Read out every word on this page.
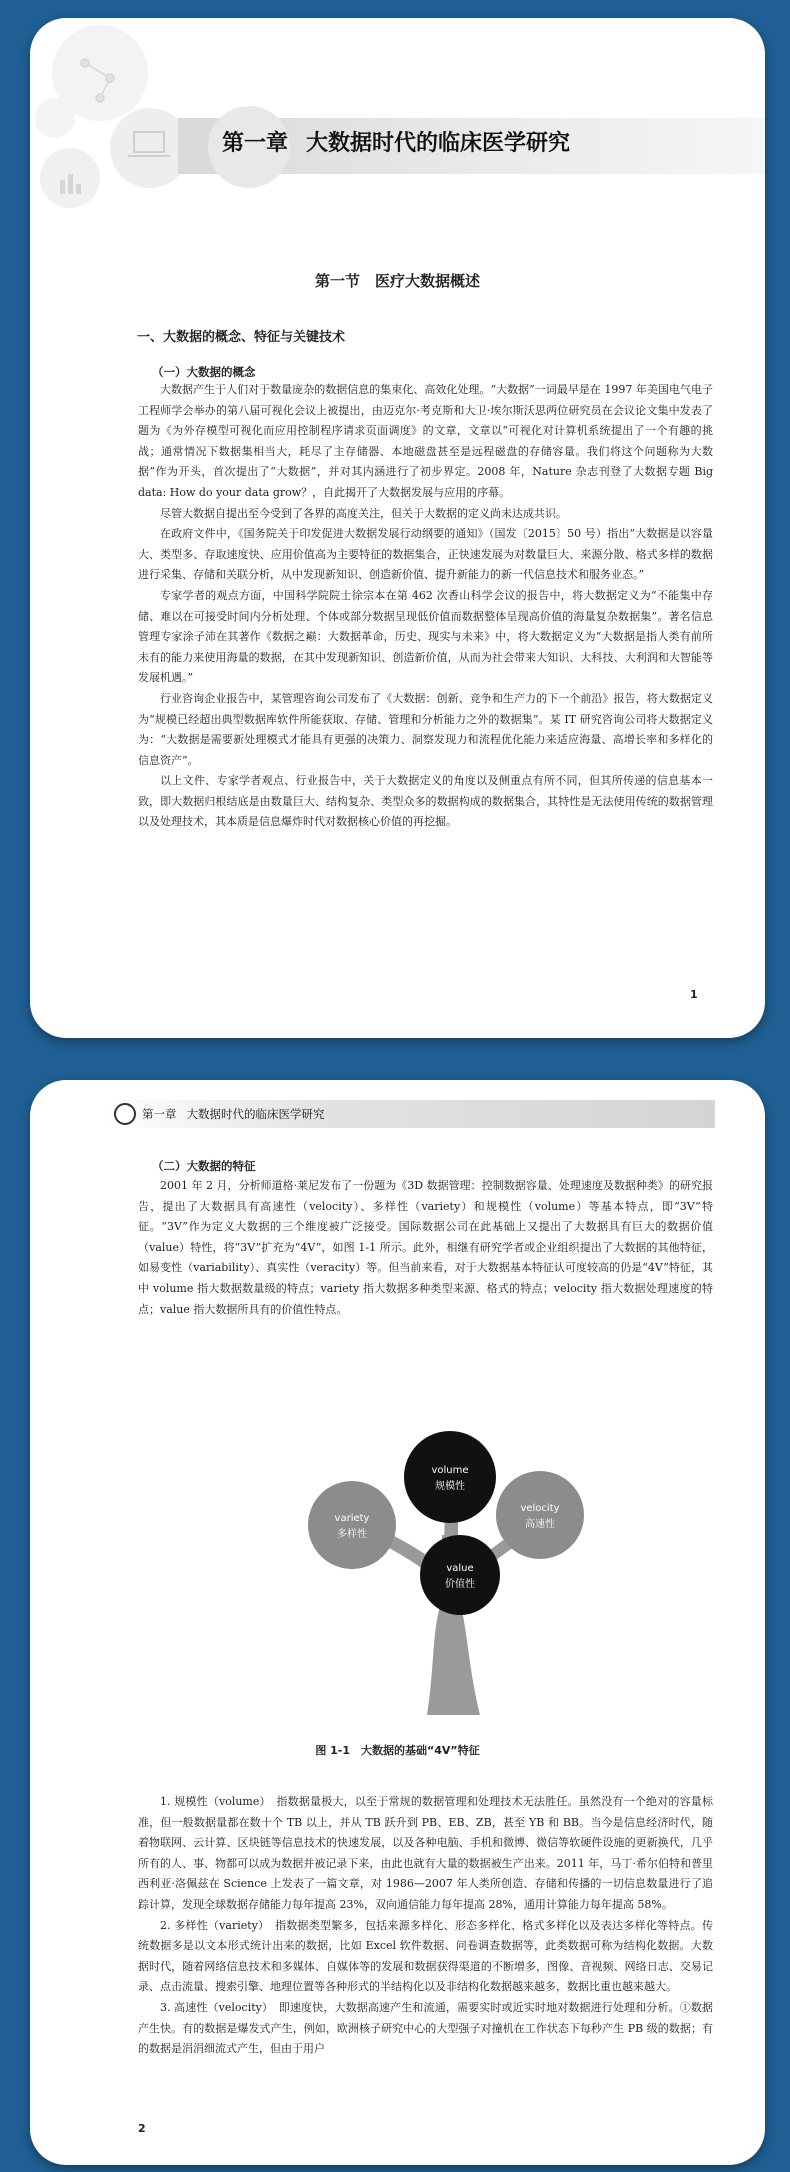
第一章 大数据时代的临床医学研究
第一节　医疗大数据概述
一、大数据的概念、特征与关键技术
（一）大数据的概念

大数据产生于人们对于数量庞杂的数据信息的集束化、高效化处理。“大数据”一词最早是在 1997 年美国电气电子工程师学会举办的第八届可视化会议上被提出，由迈克尔·考克斯和大卫·埃尔斯沃思两位研究员在会议论文集中发表了题为《为外存模型可视化而应用控制程序请求页面调度》的文章，文章以“可视化对计算机系统提出了一个有趣的挑战；通常情况下数据集相当大，耗尽了主存储器、本地磁盘甚至是远程磁盘的存储容量。我们将这个问题称为大数据”作为开头，首次提出了“大数据”，并对其内涵进行了初步界定。2008 年，Nature 杂志刊登了大数据专题 Big data: How do your data grow？，自此揭开了大数据发展与应用的序幕。

尽管大数据自提出至今受到了各界的高度关注，但关于大数据的定义尚未达成共识。

在政府文件中，《国务院关于印发促进大数据发展行动纲要的通知》（国发〔2015〕50 号）指出“大数据是以容量大、类型多、存取速度快、应用价值高为主要特征的数据集合，正快速发展为对数量巨大、来源分散、格式多样的数据进行采集、存储和关联分析，从中发现新知识、创造新价值、提升新能力的新一代信息技术和服务业态。”

专家学者的观点方面，中国科学院院士徐宗本在第 462 次香山科学会议的报告中，将大数据定义为“不能集中存储、难以在可接受时间内分析处理、个体或部分数据呈现低价值而数据整体呈现高价值的海量复杂数据集”。著名信息管理专家涂子沛在其著作《数据之巅：大数据革命，历史、现实与未来》中，将大数据定义为“大数据是指人类有前所未有的能力来使用海量的数据，在其中发现新知识、创造新价值，从而为社会带来大知识、大科技、大利润和大智能等发展机遇。”

行业咨询企业报告中，某管理咨询公司发布了《大数据：创新、竞争和生产力的下一个前沿》报告，将大数据定义为“规模已经超出典型数据库软件所能获取、存储、管理和分析能力之外的数据集”。某 IT 研究咨询公司将大数据定义为：“大数据是需要新处理模式才能具有更强的决策力、洞察发现力和流程优化能力来适应海量、高增长率和多样化的信息资产”。

以上文件、专家学者观点、行业报告中，关于大数据定义的角度以及侧重点有所不同，但其所传递的信息基本一致，即大数据归根结底是由数量巨大、结构复杂、类型众多的数据构成的数据集合，其特性是无法使用传统的数据管理以及处理技术，其本质是信息爆炸时代对数据核心价值的再挖掘。

1
第一章 大数据时代的临床医学研究
（二）大数据的特征

2001 年 2 月，分析师道格·莱尼发布了一份题为《3D 数据管理：控制数据容量、处理速度及数据种类》的研究报告，提出了大数据具有高速性（velocity）、多样性（variety）和规模性（volume）等基本特点，即“3V”特征。“3V”作为定义大数据的三个维度被广泛接受。国际数据公司在此基础上又提出了大数据具有巨大的数据价值（value）特性，将“3V”扩充为“4V”，如图 1-1 所示。此外，相继有研究学者或企业组织提出了大数据的其他特征，如易变性（variability）、真实性（veracity）等。但当前来看，对于大数据基本特征认可度较高的仍是“4V”特征，其中 volume 指大数据数量级的特点；variety 指大数据多种类型来源、格式的特点；velocity 指大数据处理速度的特点；value 指大数据所具有的价值性特点。

volume
规模性
variety
多样性
velocity
高速性
value
价值性
图 1-1　大数据的基础“4V”特征

1. 规模性（volume）　指数据量极大，以至于常规的数据管理和处理技术无法胜任。虽然没有一个绝对的容量标准，但一般数据量都在数十个 TB 以上，并从 TB 跃升到 PB、EB、ZB，甚至 YB 和 BB。当今是信息经济时代，随着物联网、云计算、区块链等信息技术的快速发展，以及各种电脑、手机和微博、微信等软硬件设施的更新换代，几乎所有的人、事、物都可以成为数据并被记录下来，由此也就有大量的数据被生产出来。2011 年，马丁·希尔伯特和普里西利亚·洛佩兹在 Science 上发表了一篇文章，对 1986—2007 年人类所创造、存储和传播的一切信息数量进行了追踪计算，发现全球数据存储能力每年提高 23%，双向通信能力每年提高 28%，通用计算能力每年提高 58%。

2. 多样性（variety）　指数据类型繁多，包括来源多样化、形态多样化、格式多样化以及表达多样化等特点。传统数据多是以文本形式统计出来的数据，比如 Excel 软件数据、问卷调查数据等，此类数据可称为结构化数据。大数据时代，随着网络信息技术和多媒体、自媒体等的发展和数据获得渠道的不断增多，图像、音视频、网络日志、交易记录、点击流量、搜索引擎、地理位置等各种形式的半结构化以及非结构化数据越来越多，数据比重也越来越大。

3. 高速性（velocity）　即速度快，大数据高速产生和流通，需要实时或近实时地对数据进行处理和分析。①数据产生快。有的数据是爆发式产生，例如，欧洲核子研究中心的大型强子对撞机在工作状态下每秒产生 PB 级的数据；有的数据是涓涓细流式产生，但由于用户

2
